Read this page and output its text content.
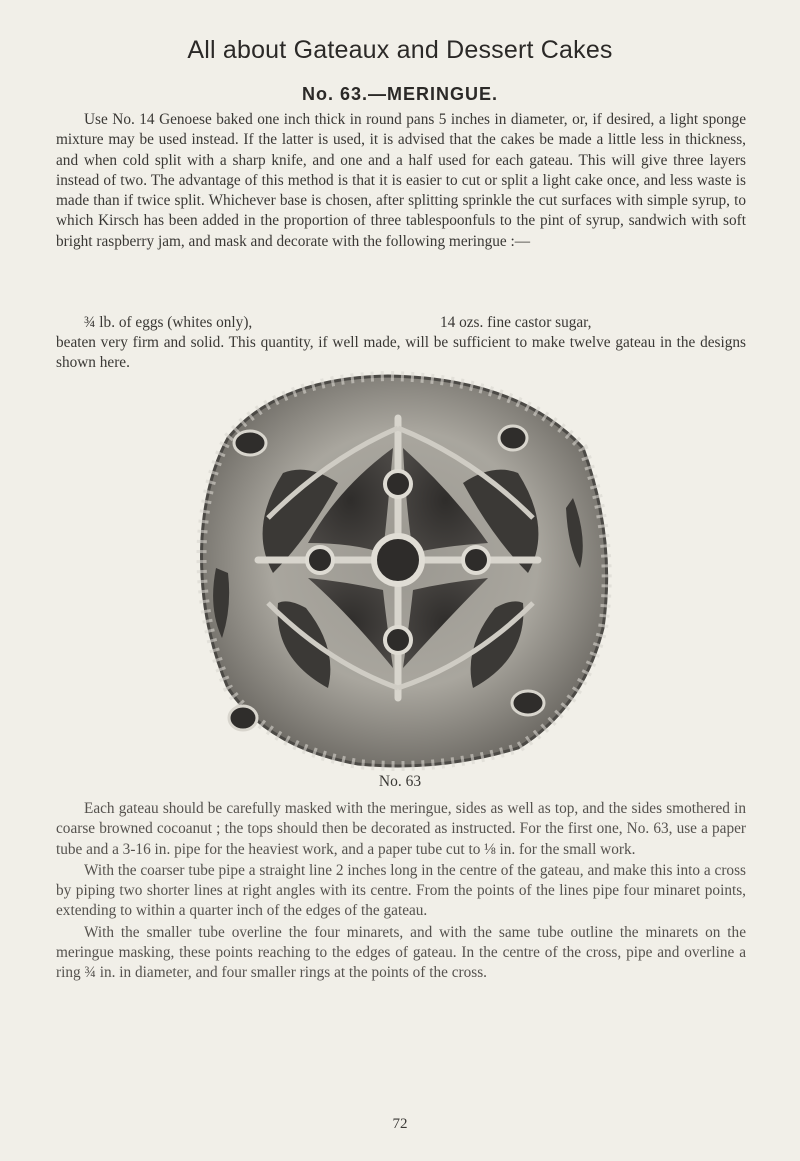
All about Gateaux and Dessert Cakes
No. 63.—MERINGUE.

Use No. 14 Genoese baked one inch thick in round pans 5 inches in diameter, or, if desired, a light sponge mixture may be used instead. If the latter is used, it is advised that the cakes be made a little less in thickness, and when cold split with a sharp knife, and one and a half used for each gateau. This will give three layers instead of two. The advantage of this method is that it is easier to cut or split a light cake once, and less waste is made than if twice split. Whichever base is chosen, after splitting sprinkle the cut surfaces with simple syrup, to which Kirsch has been added in the proportion of three tablespoonfuls to the pint of syrup, sandwich with soft bright raspberry jam, and mask and decorate with the following meringue :—

¾ lb. of eggs (whites only),	14 ozs. fine castor sugar,

beaten very firm and solid. This quantity, if well made, will be sufficient to make twelve gateau in the designs shown here.

No. 63

Each gateau should be carefully masked with the meringue, sides as well as top, and the sides smothered in coarse browned cocoanut ; the tops should then be decorated as instructed. For the first one, No. 63, use a paper tube and a 3-16 in. pipe for the heaviest work, and a paper tube cut to ⅛ in. for the small work.

With the coarser tube pipe a straight line 2 inches long in the centre of the gateau, and make this into a cross by piping two shorter lines at right angles with its centre. From the points of the lines pipe four minaret points, extending to within a quarter inch of the edges of the gateau.

With the smaller tube overline the four minarets, and with the same tube outline the minarets on the meringue masking, these points reaching to the edges of gateau. In the centre of the cross, pipe and overline a ring ¾ in. in diameter, and four smaller rings at the points of the cross.

72
